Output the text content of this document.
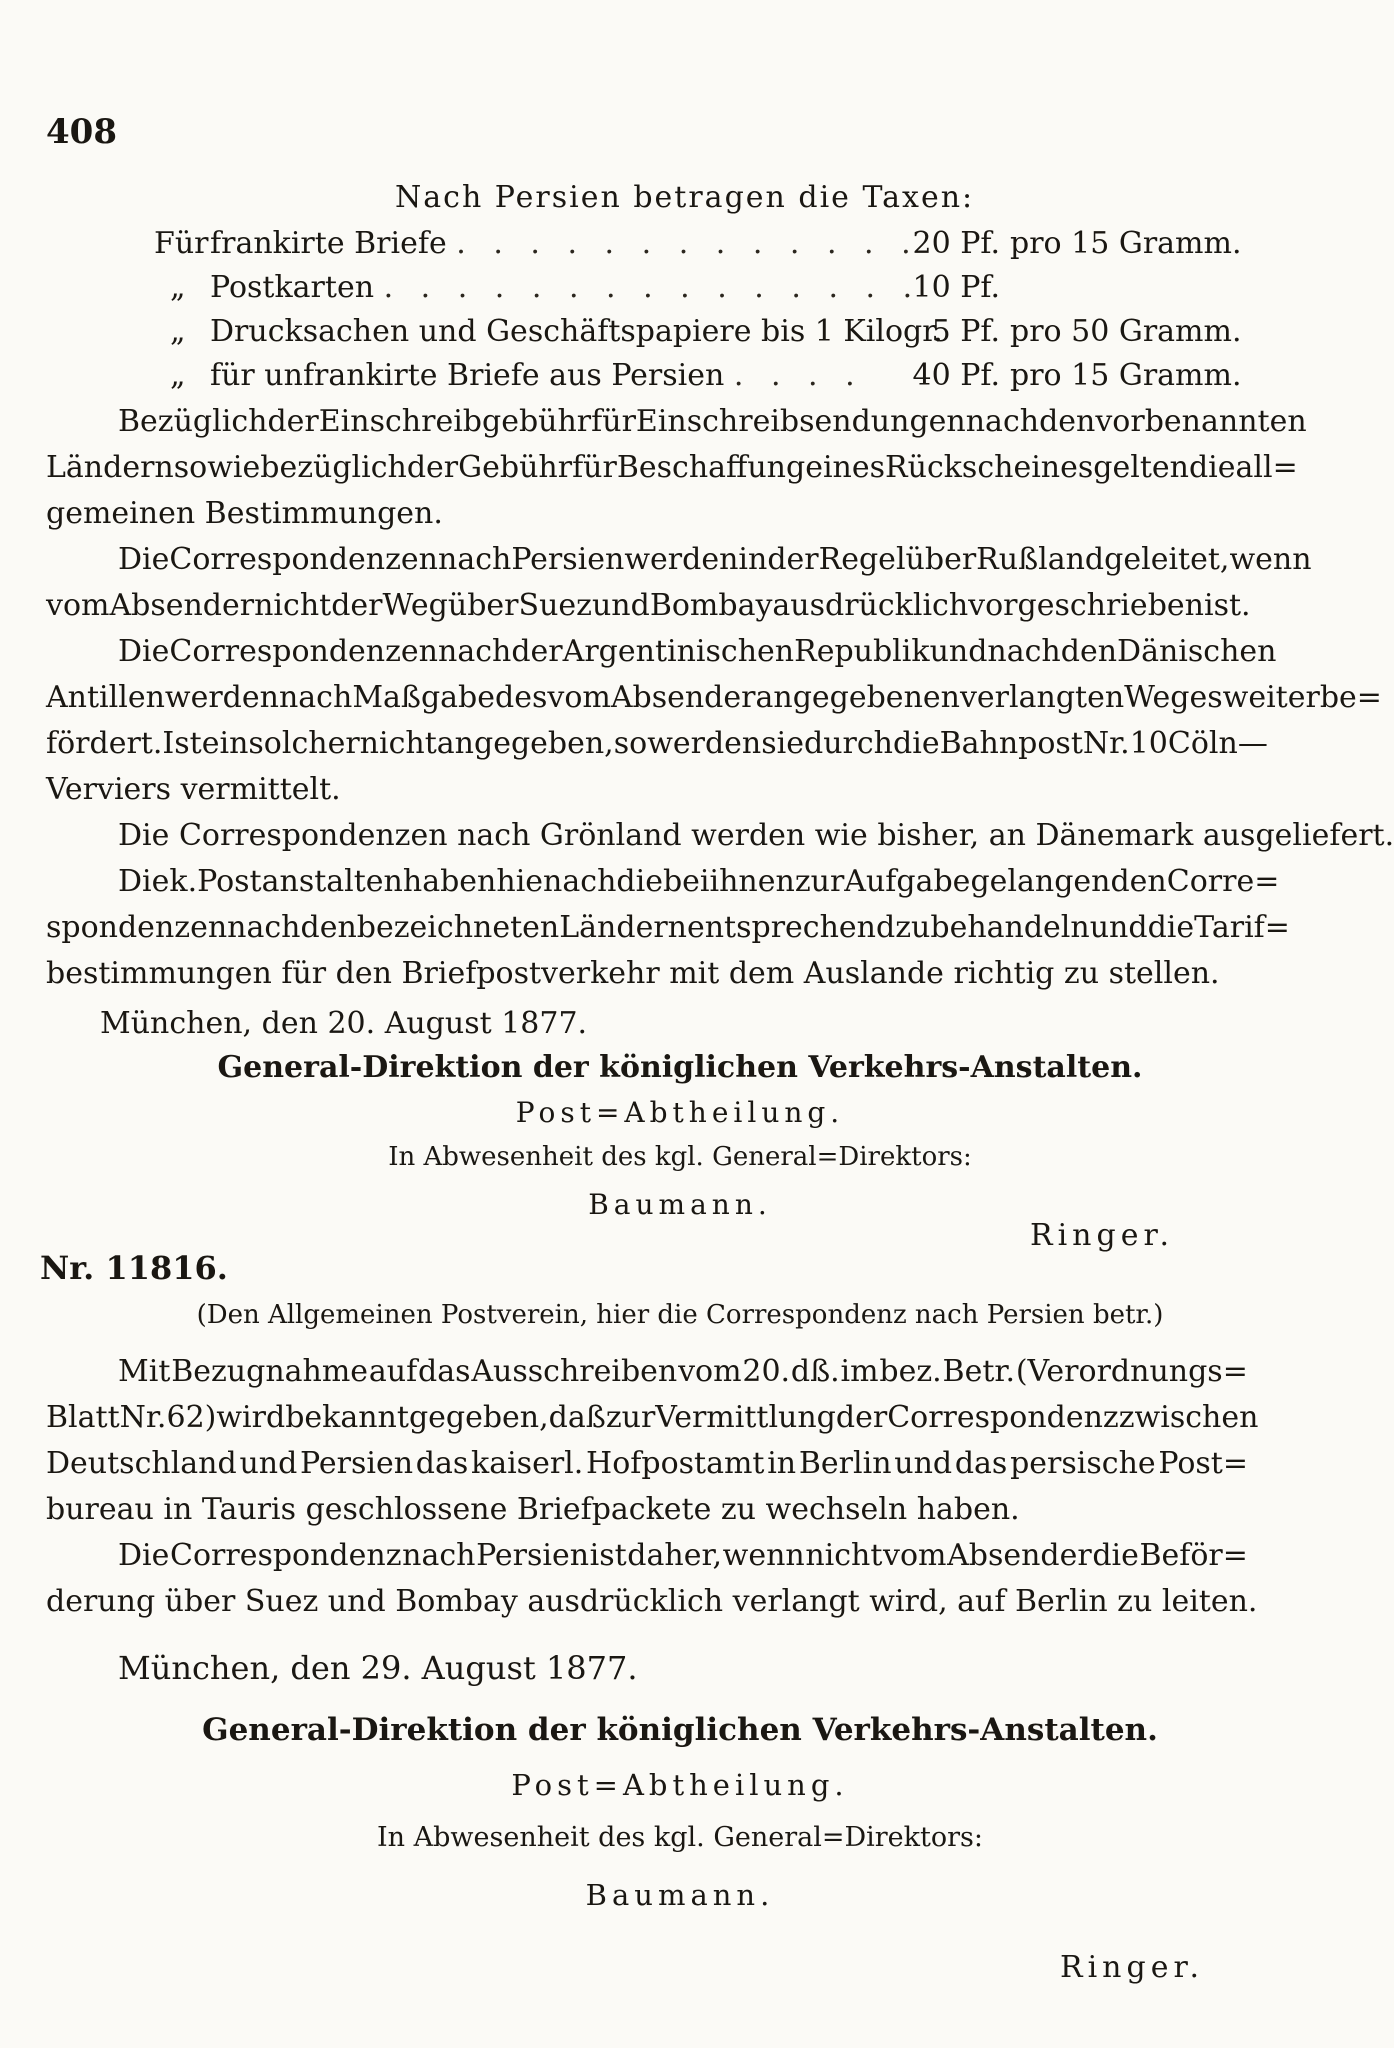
408
Nach Persien betragen die Taxen:
Für frankirte Briefe . . . . . . . . . . . . .
20 Pf. pro 15 Gramm.
„ Postkarten . . . . . . . . . . . . . . .
10 Pf.
„ Drucksachen und Geschäftspapiere bis 1 Kilogr.
5 Pf. pro 50 Gramm.
„ für unfrankirte Briefe aus Persien . . . .	40 Pf. pro 15 Gramm.
Bezüglich der Einschreibgebühr für Einschreibsendungen nach den vorbenannten
Ländern sowie bezüglich der Gebühr für Beschaffung eines Rückscheines gelten die all=
gemeinen Bestimmungen.
Die Correspondenzen nach Persien werden in der Regel über Rußland geleitet, wenn
vom Absender nicht der Weg über Suez und Bombay ausdrücklich vorgeschrieben ist.
Die Correspondenzen nach der Argentinischen Republik und nach den Dänischen
Antillen werden nach Maßgabe des vom Absender angegebenen verlangten Weges weiter be=
fördert. Ist ein solcher nicht angegeben, so werden sie durch die Bahnpost Nr. 10 Cöln—
Verviers vermittelt.
Die Correspondenzen nach Grönland werden wie bisher, an Dänemark ausgeliefert.
Die k. Postanstalten haben hienach die bei ihnen zur Aufgabe gelangenden Corre=
spondenzen nach den bezeichneten Ländern entsprechend zu behandeln und die Tarif=
bestimmungen für den Briefpostverkehr mit dem Auslande richtig zu stellen.
München, den 20. August 1877.
General-Direktion der königlichen Verkehrs-Anstalten.
Post=Abtheilung.
In Abwesenheit des kgl. General=Direktors:
Baumann.
Ringer.
Nr. 11816.
(Den Allgemeinen Postverein, hier die Correspondenz nach Persien betr.)
Mit Bezugnahme auf das Ausschreiben vom 20. dß. im bez. Betr. (Verordnungs=
Blatt Nr. 62) wird bekannt gegeben, daß zur Vermittlung der Correspondenz zwischen
Deutschland und Persien das kaiserl. Hofpostamt in Berlin und das persische Post=
bureau in Tauris geschlossene Briefpackete zu wechseln haben.
Die Correspondenz nach Persien ist daher, wenn nicht vom Absender die Beför=
derung über Suez und Bombay ausdrücklich verlangt wird, auf Berlin zu leiten.
München, den 29. August 1877.
General-Direktion der königlichen Verkehrs-Anstalten.
Post=Abtheilung.
In Abwesenheit des kgl. General=Direktors:
Baumann.
Ringer.
